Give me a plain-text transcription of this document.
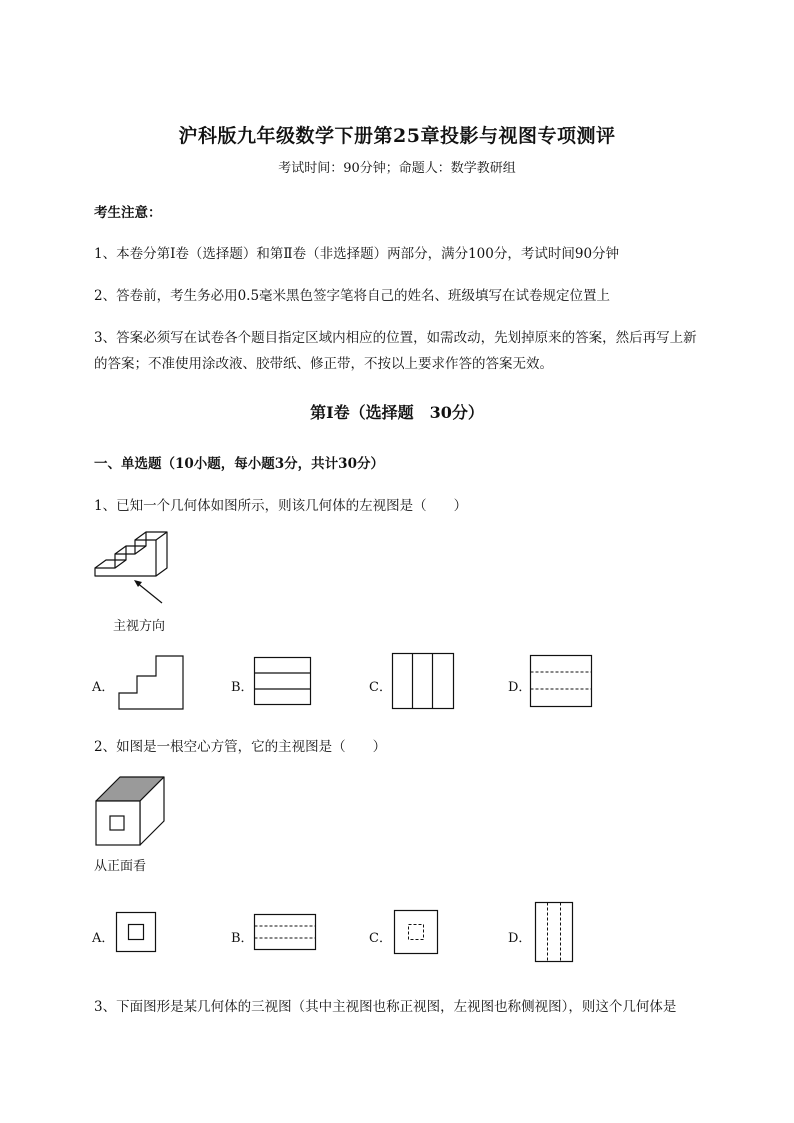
沪科版九年级数学下册第25章投影与视图专项测评
考试时间：90分钟；命题人：数学教研组
考生注意：
1、本卷分第I卷（选择题）和第Ⅱ卷（非选择题）两部分，满分100分，考试时间90分钟
2、答卷前，考生务必用0.5毫米黑色签字笔将自己的姓名、班级填写在试卷规定位置上
3、答案必须写在试卷各个题目指定区域内相应的位置，如需改动，先划掉原来的答案，然后再写上新
的答案；不准使用涂改液、胶带纸、修正带，不按以上要求作答的答案无效。
第I卷（选择题　30分）
一、单选题（10小题，每小题3分，共计30分）
1、已知一个几何体如图所示，则该几何体的左视图是（　　）
主视方向
A．	B．	C．	D．
2、如图是一根空心方管，它的主视图是（　　）
从正面看
A．	B．	C．	D．
3、下面图形是某几何体的三视图（其中主视图也称正视图，左视图也称侧视图），则这个几何体是
